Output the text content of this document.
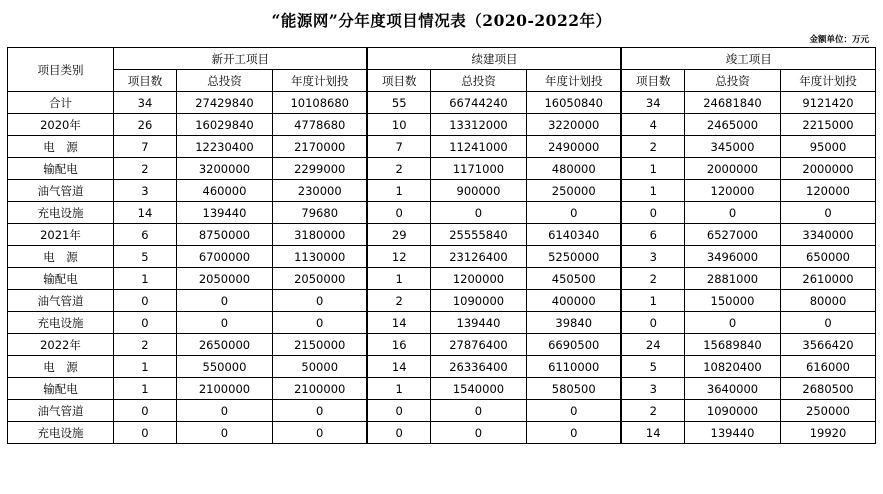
“能源网”分年度项目情况表（2020-2022年）
金额单位：万元
项目类别	新开工项目			续建项目			竣工项目		
	项目数	总投资	年度计划投	项目数	总投资	年度计划投	项目数	总投资	年度计划投
合计	34	27429840	10108680	55	66744240	16050840	34	24681840	9121420
2020年	26	16029840	4778680	10	13312000	3220000	4	2465000	2215000
电　源	7	12230400	2170000	7	11241000	2490000	2	345000	95000
输配电	2	3200000	2299000	2	1171000	480000	1	2000000	2000000
油气管道	3	460000	230000	1	900000	250000	1	120000	120000
充电设施	14	139440	79680	0	0	0	0	0	0
2021年	6	8750000	3180000	29	25555840	6140340	6	6527000	3340000
电　源	5	6700000	1130000	12	23126400	5250000	3	3496000	650000
输配电	1	2050000	2050000	1	1200000	450500	2	2881000	2610000
油气管道	0	0	0	2	1090000	400000	1	150000	80000
充电设施	0	0	0	14	139440	39840	0	0	0
2022年	2	2650000	2150000	16	27876400	6690500	24	15689840	3566420
电　源	1	550000	50000	14	26336400	6110000	5	10820400	616000
输配电	1	2100000	2100000	1	1540000	580500	3	3640000	2680500
油气管道	0	0	0	0	0	0	2	1090000	250000
充电设施	0	0	0	0	0	0	14	139440	19920
